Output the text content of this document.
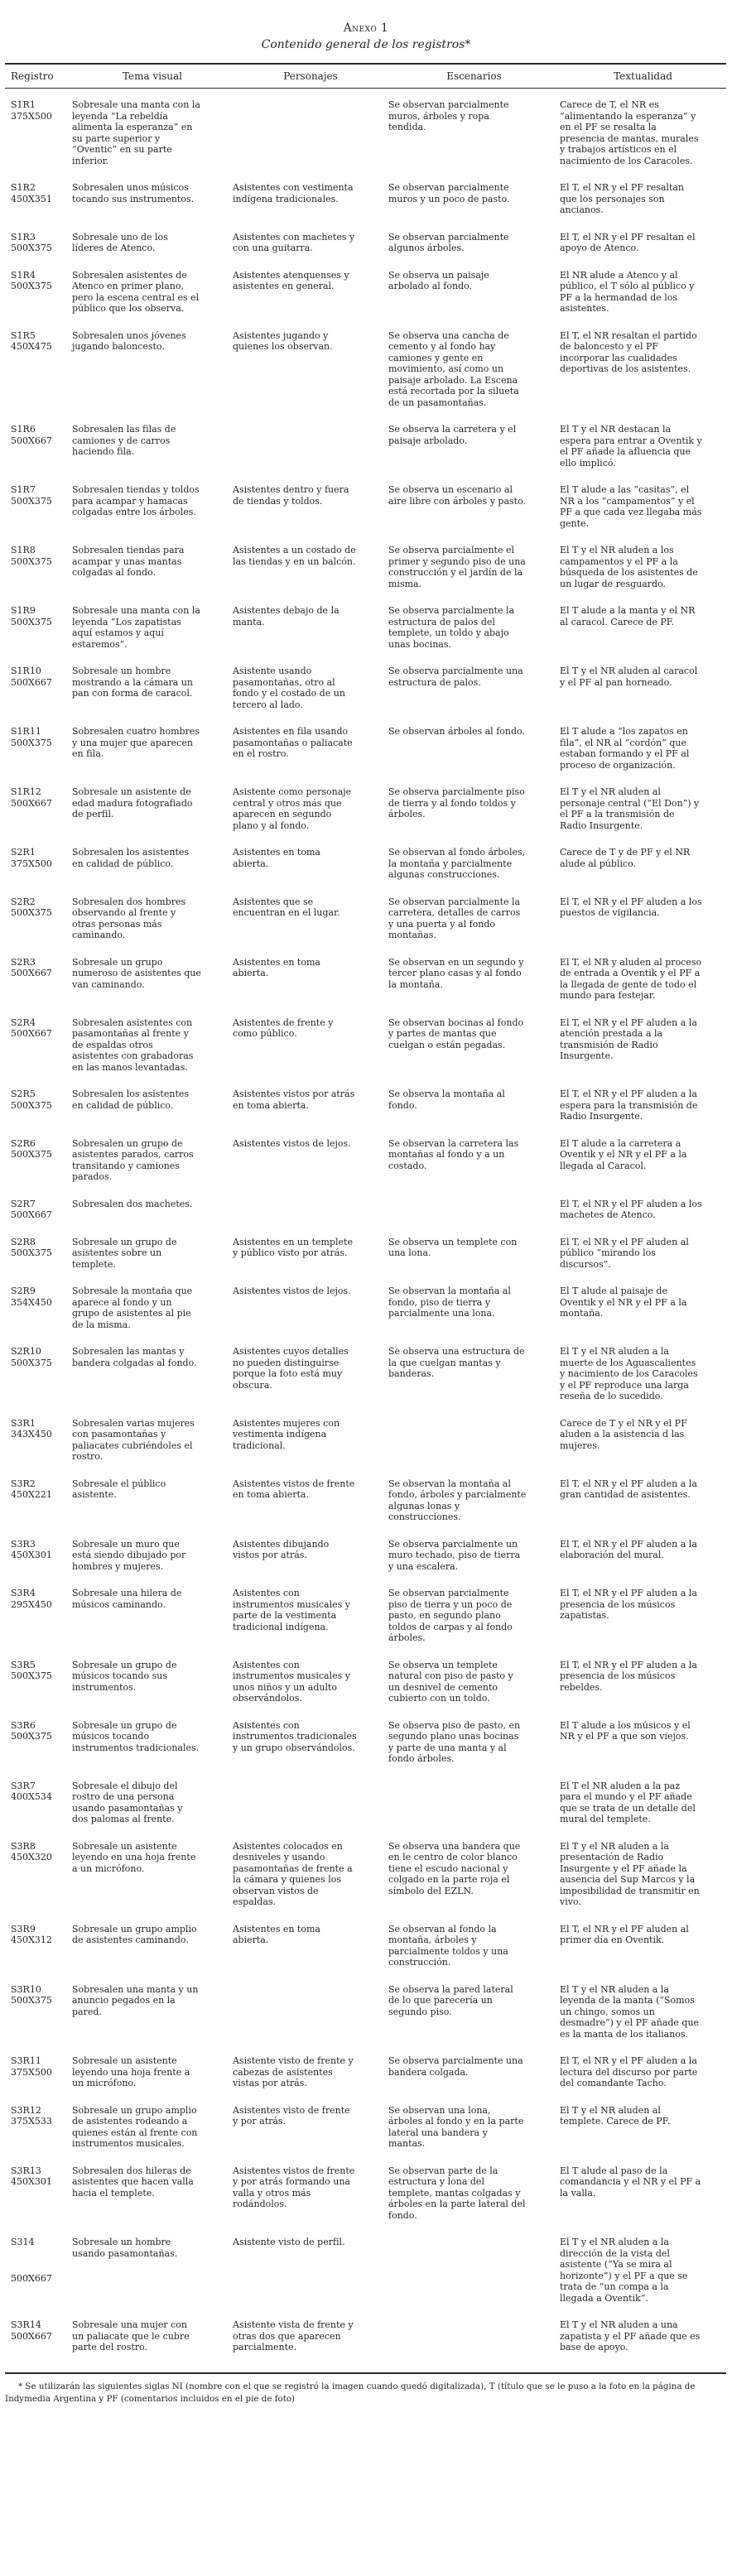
Anexo 1
Contenido general de los registros*
Registro	Tema visual	Personajes	Escenarios	Textualidad

S1R1
375X500	Sobresale una manta con la leyenda “La rebeldía alimenta la esperanza” en su parte superior y “Oventic” en su parte inferior.		Se observan parcialmente muros, árboles y ropa tendida.	Carece de T, el NR es “alimentando la esperanza” y en el PF se resalta la presencia de mantas, murales y trabajos artísticos en el nacimiento de los Caracoles.

S1R2
450X351	Sobresalen unos músicos tocando sus instrumentos.	Asistentes con vestimenta indígena tradicionales.	Se observan parcialmente muros y un poco de pasto.	El T, el NR y el PF resaltan que los personajes son ancianos.

S1R3
500X375	Sobresale uno de los líderes de Atenco.	Asistentes con machetes y con una guitarra.	Se observan parcialmente algunos árboles.	El T, el NR y el PF resaltan el apoyo de Atenco.

S1R4
500X375	Sobresalen asistentes de Atenco en primer plano, pero la escena central es el público que los observa.	Asistentes atenquenses y asistentes en general.	Se observa un paisaje arbolado al fondo.	El NR alude a Atenco y al público, el T sólo al público y PF a la hermandad de los asistentes.

S1R5
450X475	Sobresalen unos jóvenes jugando baloncesto.	Asistentes jugando y quienes los observan.	Se observa una cancha de cemento y al fondo hay camiones y gente en movimiento, así como un paisaje arbolado. La Escena está recortada por la silueta de un pasamontañas.	El T, el NR resaltan el partido de baloncesto y el PF incorporar las cualidades deportivas de los asistentes.

S1R6
500X667	Sobresalen las filas de camiones y de carros haciendo fila.		Se observa la carretera y el paisaje arbolado.	El T y el NR destacan la espera para entrar a Oventik y el PF añade la afluencia que ello implicó.

S1R7
500X375	Sobresalen tiendas y toldos para acampar y hamacas colgadas entre los árboles.	Asistentes dentro y fuera de tiendas y toldos.	Se observa un escenario al aire libre con árboles y pasto.	El T alude a las “casitas”, el NR a los “campamentos” y el PF a que cada vez llegaba más gente.

S1R8
500X375	Sobresalen tiendas para acampar y unas mantas colgadas al fondo.	Asistentes a un costado de las tiendas y en un balcón.	Se observa parcialmente el primer y segundo piso de una construcción y el jardín de la misma.	El T y el NR aluden a los campamentos y el PF a la búsqueda de los asistentes de un lugar de resguardo.

S1R9
500X375	Sobresale una manta con la leyenda “Los zapatistas aquí estamos y aquí estaremos”.	Asistentes debajo de la manta.	Se observa parcialmente la estructura de palos del templete, un toldo y abajo unas bocinas.	El T alude a la manta y el NR al caracol. Carece de PF.

S1R10
500X667	Sobresale un hombre mostrando a la cámara un pan con forma de caracol.	Asistente usando pasamontañas, otro al fondo y el costado de un tercero al lado.	Se observa parcialmente una estructura de palos.	El T y el NR aluden al caracol y el PF al pan horneado.

S1R11
500X375	Sobresalen cuatro hombres y una mujer que aparecen en fila.	Asistentes en fila usando pasamontañas o paliacate en el rostro.	Se observan árboles al fondo.	El T alude a “los zapatos en fila”, el NR al “cordón” que estaban formando y el PF al proceso de organización.

S1R12
500X667	Sobresale un asistente de edad madura fotografiado de perfil.	Asistente como personaje central y otros más que aparecen en segundo plano y al fondo.	Se observa parcialmente piso de tierra y al fondo toldos y árboles.	El T y el NR aluden al personaje central (“El Don”) y el PF a la transmisión de Radio Insurgente.

S2R1
375X500	Sobresalen los asistentes en calidad de público.	Asistentes en toma abierta.	Se observan al fondo árboles, la montaña y parcialmente algunas construcciones.	Carece de T y de PF y el NR alude al público.

S2R2
500X375	Sobresalen dos hombres observando al frente y otras personas más caminando.	Asistentes que se encuentran en el lugar.	Se observan parcialmente la carretera, detalles de carros y una puerta y al fondo montañas.	El T, el NR y el PF aluden a los puestos de vigilancia.

S2R3
500X667	Sobresale un grupo numeroso de asistentes que van caminando.	Asistentes en toma abierta.	Se observan en un segundo y tercer plano casas y al fondo la montaña.	El T, el NR y aluden al proceso de entrada a Oventik y el PF a la llegada de gente de todo el mundo para festejar.

S2R4
500X667	Sobresalen asistentes con pasamontañas al frente y de espaldas otros asistentes con grabadoras en las manos levantadas.	Asistentes de frente y como público.	Se observan bocinas al fondo y partes de mantas que cuelgan o están pegadas.	El T, el NR y el PF aluden a la atención prestada a la transmisión de Radio Insurgente.

S2R5
500X375	Sobresalen los asistentes en calidad de público.	Asistentes vistos por atrás en toma abierta.	Se observa la montaña al fondo.	El T, el NR y el PF aluden a la espera para la transmisión de Radio Insurgente.

S2R6
500X375	Sobresalen un grupo de asistentes parados, carros transitando y camiones parados.	Asistentes vistos de lejos.	Se observan la carretera las montañas al fondo y a un costado.	El T alude a la carretera a Oventik y el NR y el PF a la llegada al Caracol.

S2R7
500X667	Sobresalen dos machetes.			El T, el NR y el PF aluden a los machetes de Atenco.

S2R8
500X375	Sobresale un grupo de asistentes sobre un templete.	Asistentes en un templete y público visto por atrás.	Se observa un templete con una lona.	El T, el NR y el PF aluden al público “mirando los discursos”.

S2R9
354X450	Sobresale la montaña que aparece al fondo y un grupo de asistentes al pie de la misma.	Asistentes vistos de lejos.	Se observan la montaña al fondo, piso de tierra y parcialmente una lona.	El T alude al paisaje de Oventik y el NR y el PF a la montaña.

S2R10
500X375	Sobresalen las mantas y bandera colgadas al fondo.	Asistentes cuyos detalles no pueden distinguirse porque la foto está muy obscura.	Se observa una estructura de la que cuelgan mantas y banderas.	El T y el NR aluden a la muerte de los Aguascalientes y nacimiento de los Caracoles y el PF reproduce una larga reseña de lo sucedido.

S3R1
343X450	Sobresalen varias mujeres con pasamontañas y paliacates cubriéndoles el rostro.	Asistentes mujeres con vestimenta indígena tradicional.		Carece de T y el NR y el PF aluden a la asistencia d las mujeres.

S3R2
450X221	Sobresale el público asistente.	Asistentes vistos de frente en toma abierta.	Se observan la montaña al fondo, árboles y parcialmente algunas lonas y construcciones.	El T, el NR y el PF aluden a la gran cantidad de asistentes.

S3R3
450X301	Sobresale un muro que está siendo dibujado por hombres y mujeres.	Asistentes dibujando vistos por atrás.	Se observa parcialmente un muro techado, piso de tierra y una escalera.	El T, el NR y el PF aluden a la elaboración del mural.

S3R4
295X450	Sobresale una hilera de músicos caminando.	Asistentes con instrumentos musicales y parte de la vestimenta tradicional indígena.	Se observan parcialmente piso de tierra y un poco de pasto, en segundo plano toldos de carpas y al fondo árboles.	El T, el NR y el PF aluden a la presencia de los músicos zapatistas.

S3R5
500X375	Sobresale un grupo de músicos tocando sus instrumentos.	Asistentes con instrumentos musicales y unos niños y un adulto observándolos.	Se observa un templete natural con piso de pasto y un desnivel de cemento cubierto con un toldo.	El T, el NR y el PF aluden a la presencia de los músicos rebeldes.

S3R6
500X375	Sobresale un grupo de músicos tocando instrumentos tradicionales.	Asistentes con instrumentos tradicionales y un grupo observándolos.	Se observa piso de pasto, en segundo plano unas bocinas y parte de una manta y al fondo árboles.	El T alude a los músicos y el NR y el PF a que son viejos.

S3R7
400X534	Sobresale el dibujo del rostro de una persona usando pasamontañas y dos palomas al frente.			El T el NR aluden a la paz para el mundo y el PF añade que se trata de un detalle del mural del templete.

S3R8
450X320	Sobresale un asistente leyendo en una hoja frente a un micrófono.	Asistentes colocados en desniveles y usando pasamontañas de frente a la cámara y quienes los observan vistos de espaldas.	Se observa una bandera que en le centro de color blanco tiene el escudo nacional y colgado en la parte roja el símbolo del EZLN.	El T y el NR aluden a la presentación de Radio Insurgente y el PF añade la ausencia del Sup Marcos y la imposibilidad de transmitir en vivo.

S3R9
450X312	Sobresale un grupo amplio de asistentes caminando.	Asistentes en toma abierta.	Se observan al fondo la montaña, árboles y parcialmente toldos y una construcción.	El T, el NR y el PF aluden al primer día en Oventik.

S3R10
500X375	Sobresalen una manta y un anuncio pegados en la pared.		Se observa la pared lateral de lo que parecería un segundo piso.	El T y el NR aluden a la leyenda de la manta (“Somos un chingo, somos un desmadre”) y el PF añade que es la manta de los italianos.

S3R11
375X500	Sobresale un asistente leyendo una hoja frente a un micrófono.	Asistente visto de frente y cabezas de asistentes vistas por atrás.	Se observa parcialmente una bandera colgada.	El T, el NR y el PF aluden a la lectura del discurso por parte del comandante Tacho.

S3R12
375X533	Sobresale un grupo amplio de asistentes rodeando a quienes están al frente con instrumentos musicales.	Asistentes visto de frente y por atrás.	Se observan una lona, árboles al fondo y en la parte lateral una bandera y mantas.	El T y el NR aluden al templete. Carece de PF.

S3R13
450X301	Sobresalen dos hileras de asistentes que hacen valla hacia el templete.	Asistentes vistos de frente y por atrás formando una valla y otros más rodándolos.	Se observan parte de la estructura y lona del templete, mantas colgadas y árboles en la parte lateral del fondo.	El T alude al paso de la comandancia y el NR y el PF a la valla.

S314
500X667	Sobresale un hombre usando pasamontañas.	Asistente visto de perfil.		El T y el NR aluden a la dirección de la vista del asistente (“Ya se mira al horizonte”) y el PF a que se trata de “un compa a la llegada a Oventik”.

S3R14
500X667	Sobresale una mujer con un paliacate que le cubre parte del rostro.	Asistente vista de frente y otras dos que aparecen parcialmente.		El T y el NR aluden a una zapatista y el PF añade que es base de apoyo.

* Se utilizarán las siguientes siglas NI (nombre con el que se registró la imagen cuando quedó digitalizada), T (título que se le puso a la foto en la página de Indymedia Argentina y PF (comentarios incluidos en el pie de foto)
